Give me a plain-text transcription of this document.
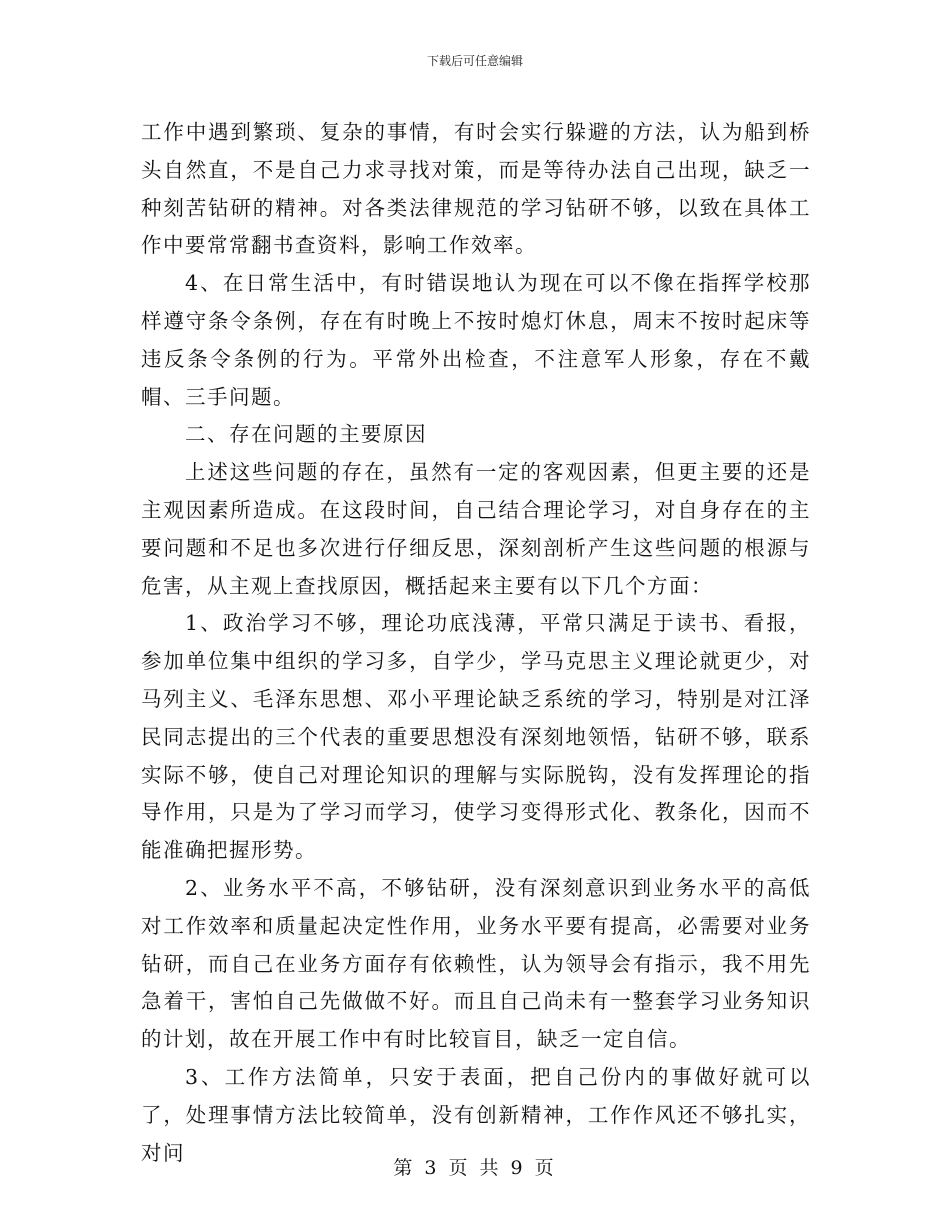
下载后可任意编辑

工作中遇到繁琐、复杂的事情，有时会实行躲避的方法，认为船到桥头自然直，不是自己力求寻找对策，而是等待办法自己出现，缺乏一种刻苦钻研的精神。对各类法律规范的学习钻研不够，以致在具体工作中要常常翻书查资料，影响工作效率。

4、在日常生活中，有时错误地认为现在可以不像在指挥学校那样遵守条令条例，存在有时晚上不按时熄灯休息，周末不按时起床等违反条令条例的行为。平常外出检查，不注意军人形象，存在不戴帽、三手问题。

二、存在问题的主要原因

上述这些问题的存在，虽然有一定的客观因素，但更主要的还是主观因素所造成。在这段时间，自己结合理论学习，对自身存在的主要问题和不足也多次进行仔细反思，深刻剖析产生这些问题的根源与危害，从主观上查找原因，概括起来主要有以下几个方面：

1、政治学习不够，理论功底浅薄，平常只满足于读书、看报，参加单位集中组织的学习多，自学少，学马克思主义理论就更少，对马列主义、毛泽东思想、邓小平理论缺乏系统的学习，特别是对江泽民同志提出的三个代表的重要思想没有深刻地领悟，钻研不够，联系实际不够，使自己对理论知识的理解与实际脱钩，没有发挥理论的指导作用，只是为了学习而学习，使学习变得形式化、教条化，因而不能准确把握形势。

2、业务水平不高，不够钻研，没有深刻意识到业务水平的高低对工作效率和质量起决定性作用，业务水平要有提高，必需要对业务钻研，而自己在业务方面存有依赖性，认为领导会有指示，我不用先急着干，害怕自己先做做不好。而且自己尚未有一整套学习业务知识的计划，故在开展工作中有时比较盲目，缺乏一定自信。

3、工作方法简单，只安于表面，把自己份内的事做好就可以了，处理事情方法比较简单，没有创新精神，工作作风还不够扎实，对问

第 3 页 共 9 页
